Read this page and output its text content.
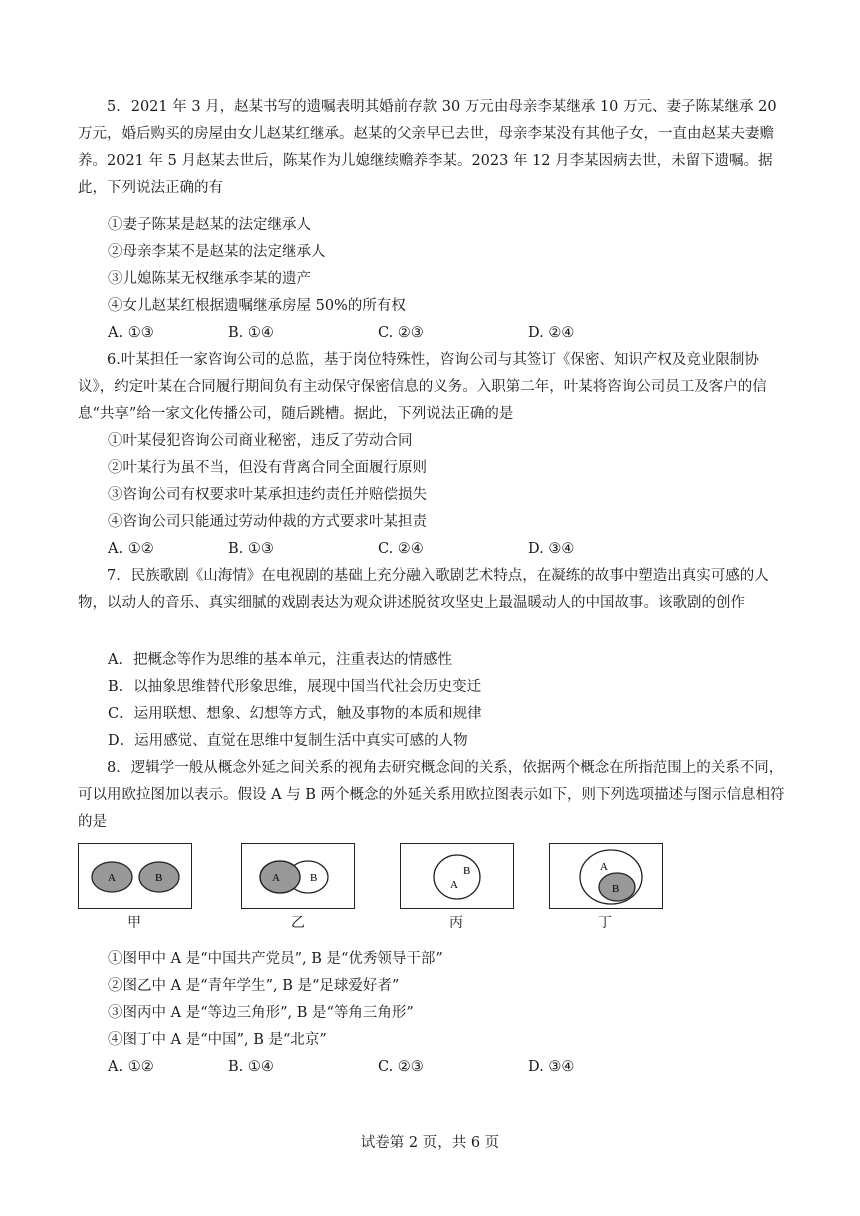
5．2021 年 3 月，赵某书写的遗嘱表明其婚前存款 30 万元由母亲李某继承 10 万元、妻子陈某继承 20 万元，婚后购买的房屋由女儿赵某红继承。赵某的父亲早已去世，母亲李某没有其他子女，一直由赵某夫妻赡养。2021 年 5 月赵某去世后，陈某作为儿媳继续赡养李某。2023 年 12 月李某因病去世，未留下遗嘱。据此，下列说法正确的有

①妻子陈某是赵某的法定继承人
②母亲李某不是赵某的法定继承人
③儿媳陈某无权继承李某的遗产
④女儿赵某红根据遗嘱继承房屋 50%的所有权
A. ①③	B. ①④	C. ②③	D. ②④

6.叶某担任一家咨询公司的总监，基于岗位特殊性，咨询公司与其签订《保密、知识产权及竞业限制协议》，约定叶某在合同履行期间负有主动保守保密信息的义务。入职第二年，叶某将咨询公司员工及客户的信息“共享”给一家文化传播公司，随后跳槽。据此，下列说法正确的是

①叶某侵犯咨询公司商业秘密，违反了劳动合同
②叶某行为虽不当，但没有背离合同全面履行原则
③咨询公司有权要求叶某承担违约责任并赔偿损失
④咨询公司只能通过劳动仲裁的方式要求叶某担责
A. ①②	B. ①③	C. ②④	D. ③④

7．民族歌剧《山海情》在电视剧的基础上充分融入歌剧艺术特点，在凝练的故事中塑造出真实可感的人物，以动人的音乐、真实细腻的戏剧表达为观众讲述脱贫攻坚史上最温暖动人的中国故事。该歌剧的创作

A．把概念等作为思维的基本单元，注重表达的情感性
B．以抽象思维替代形象思维，展现中国当代社会历史变迁
C．运用联想、想象、幻想等方式，触及事物的本质和规律
D．运用感觉、直觉在思维中复制生活中真实可感的人物

8．逻辑学一般从概念外延之间关系的视角去研究概念间的关系，依据两个概念在所指范围上的关系不同，可以用欧拉图加以表示。假设 A 与 B 两个概念的外延关系用欧拉图表示如下，则下列选项描述与图示信息相符的是

A	B	A	B
B
A
A
B
甲	乙	丙	丁
①图甲中 A 是“中国共产党员”, B 是“优秀领导干部”
②图乙中 A 是“青年学生”, B 是“足球爱好者”
③图丙中 A 是“等边三角形”, B 是“等角三角形”
④图丁中 A 是“中国”, B 是“北京”
A. ①②	B. ①④	C. ②③	D. ③④
试卷第 2 页，共 6 页
